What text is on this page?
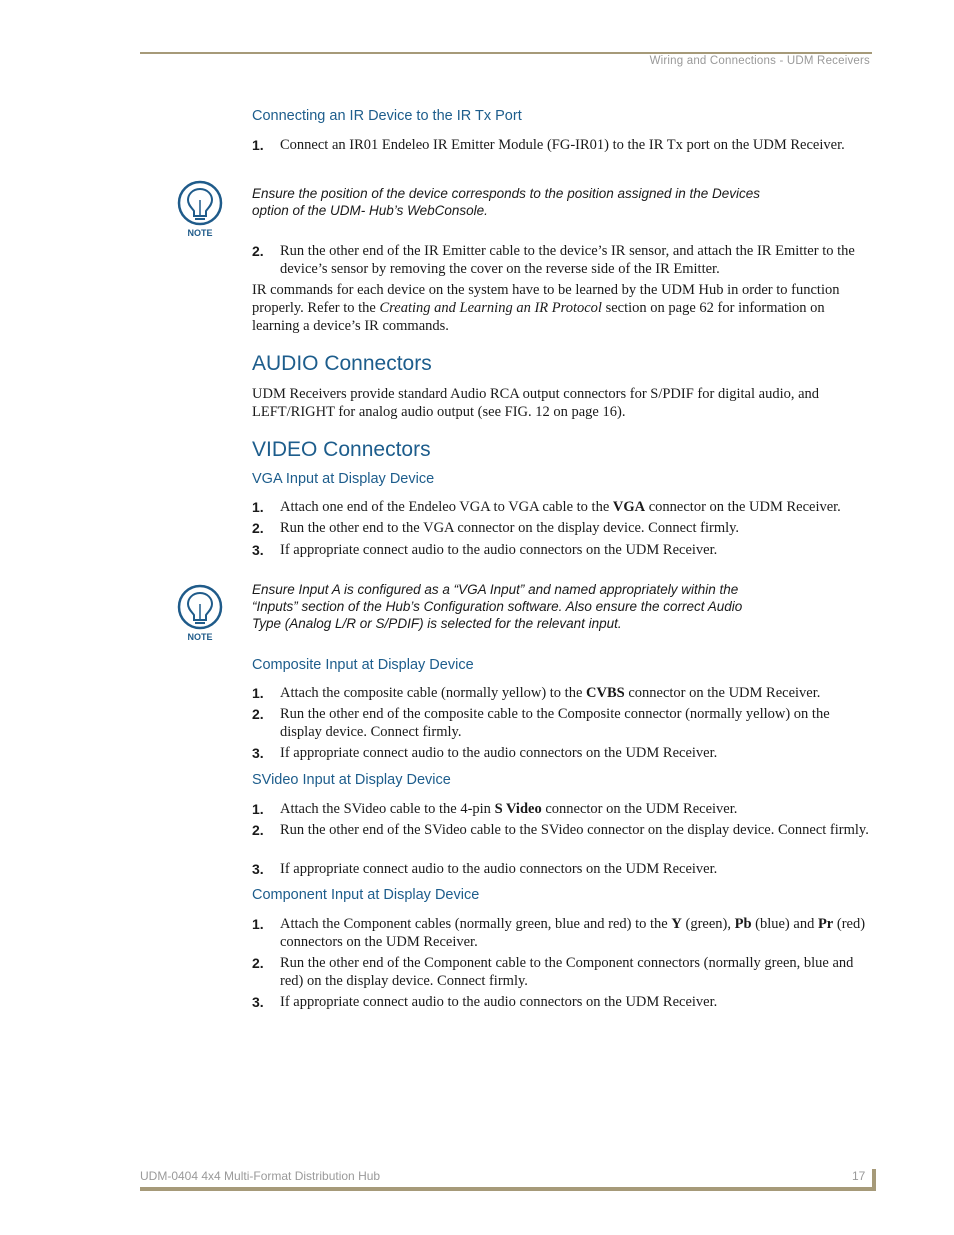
Wiring and Connections - UDM Receivers
Connecting an IR Device to the IR Tx Port
1. Connect an IR01 Endeleo IR Emitter Module (FG-IR01) to the IR Tx port on the UDM Receiver.
NOTE
Ensure the position of the device corresponds to the position assigned in the Devices
option of the UDM- Hub’s WebConsole.
2. Run the other end of the IR Emitter cable to the device’s IR sensor, and attach the IR Emitter to the device’s sensor by removing the cover on the reverse side of the IR Emitter.
IR commands for each device on the system have to be learned by the UDM Hub in order to function properly. Refer to the Creating and Learning an IR Protocol section on page 62 for information on learning a device’s IR commands.
AUDIO Connectors
UDM Receivers provide standard Audio RCA output connectors for S/PDIF for digital audio, and LEFT/RIGHT for analog audio output (see FIG. 12 on page 16).
VIDEO Connectors
VGA Input at Display Device
1. Attach one end of the Endeleo VGA to VGA cable to the VGA connector on the UDM Receiver.
2. Run the other end to the VGA connector on the display device. Connect firmly.
3. If appropriate connect audio to the audio connectors on the UDM Receiver.
NOTE
Ensure Input A is configured as a “VGA Input” and named appropriately within the
“Inputs” section of the Hub’s Configuration software. Also ensure the correct Audio
Type (Analog L/R or S/PDIF) is selected for the relevant input.
Composite Input at Display Device
1. Attach the composite cable (normally yellow) to the CVBS connector on the UDM Receiver.
2. Run the other end of the composite cable to the Composite connector (normally yellow) on the display device. Connect firmly.
3. If appropriate connect audio to the audio connectors on the UDM Receiver.
SVideo Input at Display Device
1. Attach the SVideo cable to the 4-pin S Video connector on the UDM Receiver.
2. Run the other end of the SVideo cable to the SVideo connector on the display device. Connect firmly.
3. If appropriate connect audio to the audio connectors on the UDM Receiver.
Component Input at Display Device
1. Attach the Component cables (normally green, blue and red) to the Y (green), Pb (blue) and Pr (red) connectors on the UDM Receiver.
2. Run the other end of the Component cable to the Component connectors (normally green, blue and red) on the display device. Connect firmly.
3. If appropriate connect audio to the audio connectors on the UDM Receiver.
UDM-0404 4x4 Multi-Format Distribution Hub	17
